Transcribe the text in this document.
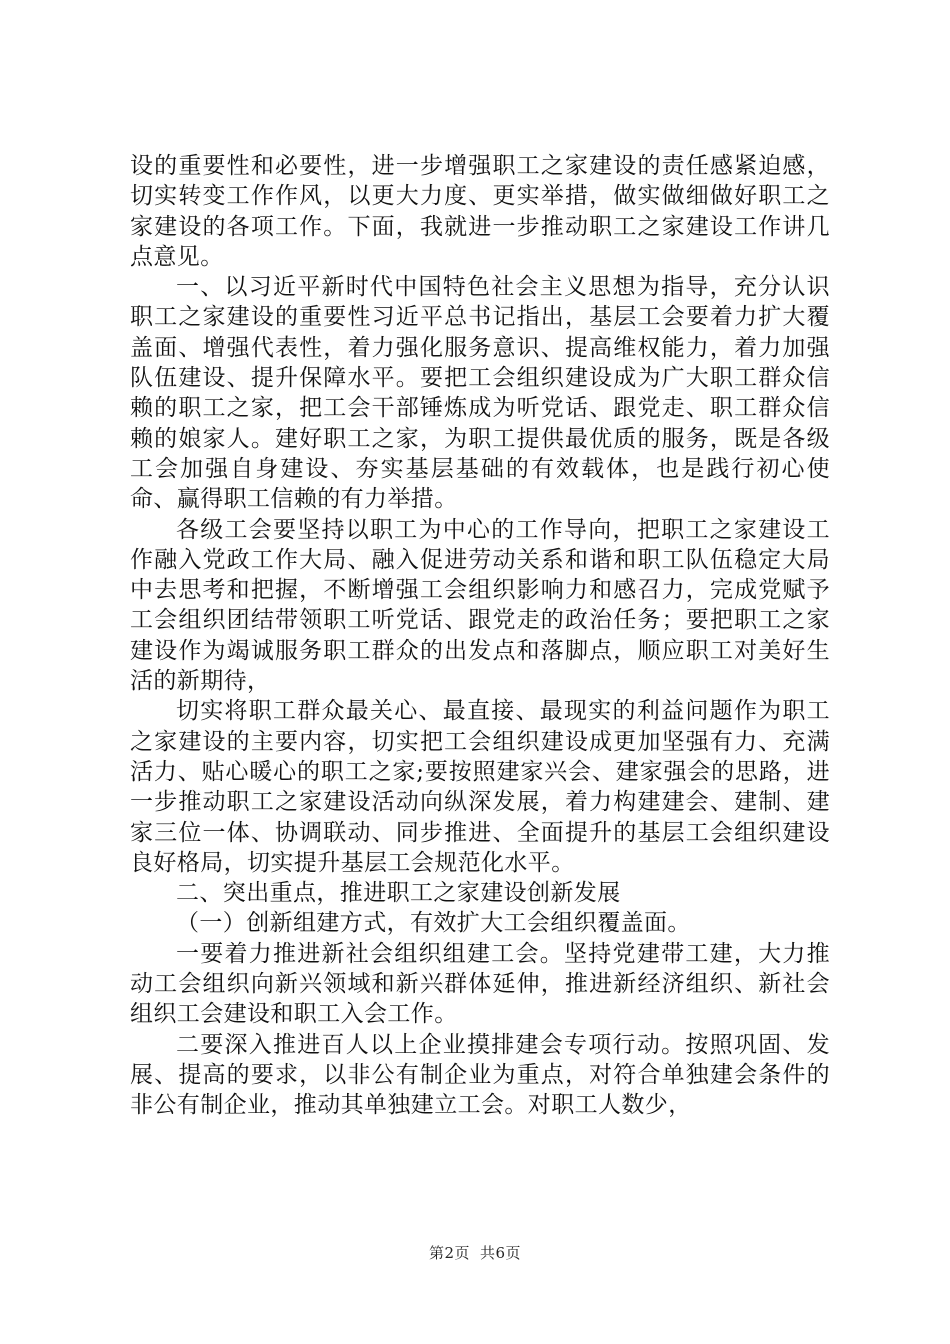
设的重要性和必要性，进一步增强职工之家建设的责任感紧迫感，切实转变工作作风，以更大力度、更实举措，做实做细做好职工之家建设的各项工作。下面，我就进一步推动职工之家建设工作讲几点意见。

一、以习近平新时代中国特色社会主义思想为指导，充分认识职工之家建设的重要性习近平总书记指出，基层工会要着力扩大覆盖面、增强代表性，着力强化服务意识、提高维权能力，着力加强队伍建设、提升保障水平。要把工会组织建设成为广大职工群众信赖的职工之家，把工会干部锤炼成为听党话、跟党走、职工群众信赖的娘家人。建好职工之家，为职工提供最优质的服务，既是各级工会加强自身建设、夯实基层基础的有效载体，也是践行初心使命、赢得职工信赖的有力举措。

各级工会要坚持以职工为中心的工作导向，把职工之家建设工作融入党政工作大局、融入促进劳动关系和谐和职工队伍稳定大局中去思考和把握，不断增强工会组织影响力和感召力，完成党赋予工会组织团结带领职工听党话、跟党走的政治任务；要把职工之家建设作为竭诚服务职工群众的出发点和落脚点，顺应职工对美好生活的新期待，

切实将职工群众最关心、最直接、最现实的利益问题作为职工之家建设的主要内容，切实把工会组织建设成更加坚强有力、充满活力、贴心暖心的职工之家;要按照建家兴会、建家强会的思路，进一步推动职工之家建设活动向纵深发展，着力构建建会、建制、建家三位一体、协调联动、同步推进、全面提升的基层工会组织建设良好格局，切实提升基层工会规范化水平。

二、突出重点，推进职工之家建设创新发展

（一）创新组建方式，有效扩大工会组织覆盖面。

一要着力推进新社会组织组建工会。坚持党建带工建，大力推动工会组织向新兴领域和新兴群体延伸，推进新经济组织、新社会组织工会建设和职工入会工作。

二要深入推进百人以上企业摸排建会专项行动。按照巩固、发展、提高的要求，以非公有制企业为重点，对符合单独建会条件的非公有制企业，推动其单独建立工会。对职工人数少，

第2页 共6页
